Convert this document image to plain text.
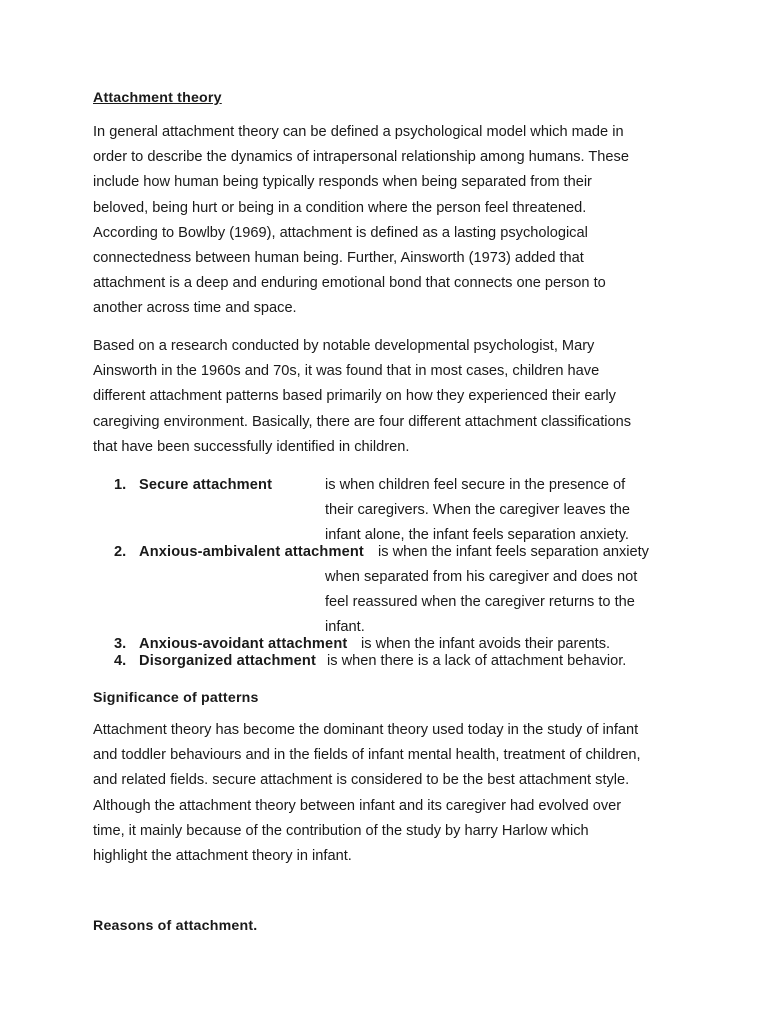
Attachment theory
In general attachment theory can be defined a psychological model which made in
order to describe the dynamics of intrapersonal relationship among humans. These
include how human being typically responds when being separated from their
beloved, being hurt or being in a condition where the person feel threatened.
According to Bowlby (1969), attachment is defined as a lasting psychological
connectedness between human being. Further, Ainsworth (1973) added that
attachment is a deep and enduring emotional bond that connects one person to
another across time and space.
Based on a research conducted by notable developmental psychologist, Mary
Ainsworth in the 1960s and 70s, it was found that in most cases, children have
different attachment patterns based primarily on how they experienced their early
caregiving environment. Basically, there are four different attachment classifications
that have been successfully identified in children.
1. Secure attachment	is when children feel secure in the presence of
their caregivers. When the caregiver leaves the
infant alone, the infant feels separation anxiety.
2. Anxious-ambivalent attachment is when the infant feels separation anxiety
when separated from his caregiver and does not
feel reassured when the caregiver returns to the
infant.
3. Anxious-avoidant attachment is when the infant avoids their parents.
4. Disorganized attachment is when there is a lack of attachment behavior.
Significance of patterns
Attachment theory has become the dominant theory used today in the study of infant
and toddler behaviours and in the fields of infant mental health, treatment of children,
and related fields. secure attachment is considered to be the best attachment style.
Although the attachment theory between infant and its caregiver had evolved over
time, it mainly because of the contribution of the study by harry Harlow which
highlight the attachment theory in infant.
Reasons of attachment.
